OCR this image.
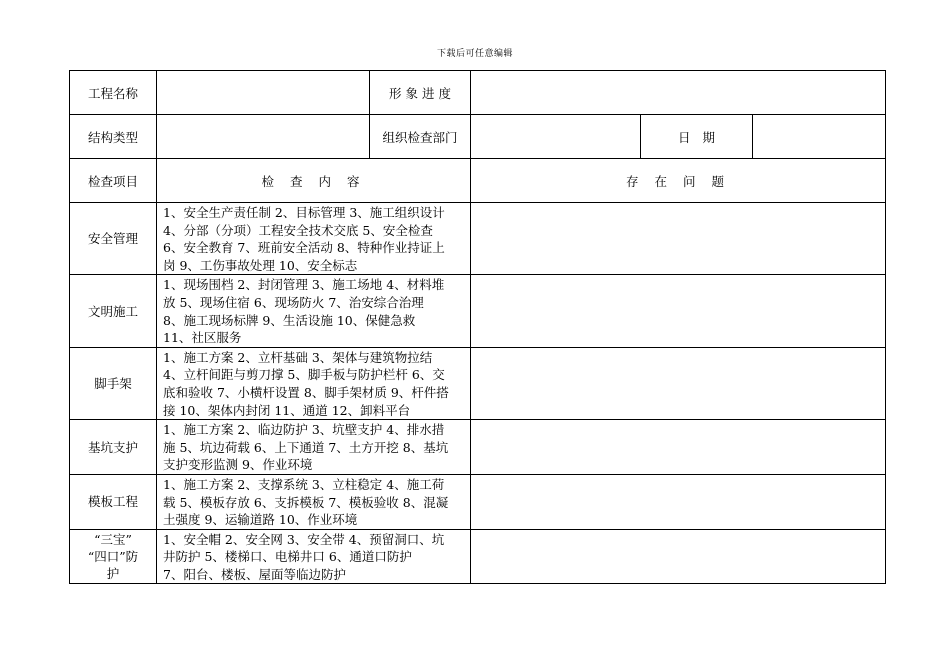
下载后可任意编辑
工程名称		形 象 进 度			
结构类型		组织检查部门		日   期	
检查项目	检 查 内 容		存 在 问 题		
安全管理	1、安全生产责任制 2、目标管理 3、施工组织设计
4、分部（分项）工程安全技术交底 5、安全检查
6、安全教育 7、班前安全活动 8、特种作业持证上
岗 9、工伤事故处理 10、安全标志				

文明施工	1、现场围档 2、封闭管理 3、施工场地 4、材料堆
放 5、现场住宿 6、现场防火 7、治安综合治理
8、施工现场标牌 9、生活设施 10、保健急救
11、社区服务				

脚手架	1、施工方案 2、立杆基础 3、架体与建筑物拉结
4、立杆间距与剪刀撑 5、脚手板与防护栏杆 6、交
底和验收 7、小横杆设置 8、脚手架材质 9、杆件搭
接 10、架体内封闭 11、通道 12、卸料平台				

基坑支护	1、施工方案 2、临边防护 3、坑壁支护 4、排水措
施 5、坑边荷载 6、上下通道 7、土方开挖 8、基坑
支护变形监测 9、作业环境				

模板工程	1、施工方案 2、支撑系统 3、立柱稳定 4、施工荷
载 5、模板存放 6、支拆模板 7、模板验收 8、混凝
土强度 9、运输道路 10、作业环境				

“三宝”
“四口”防
护	1、安全帽 2、安全网 3、安全带 4、预留洞口、坑
井防护 5、楼梯口、电梯井口 6、通道口防护
7、阳台、楼板、屋面等临边防护				
